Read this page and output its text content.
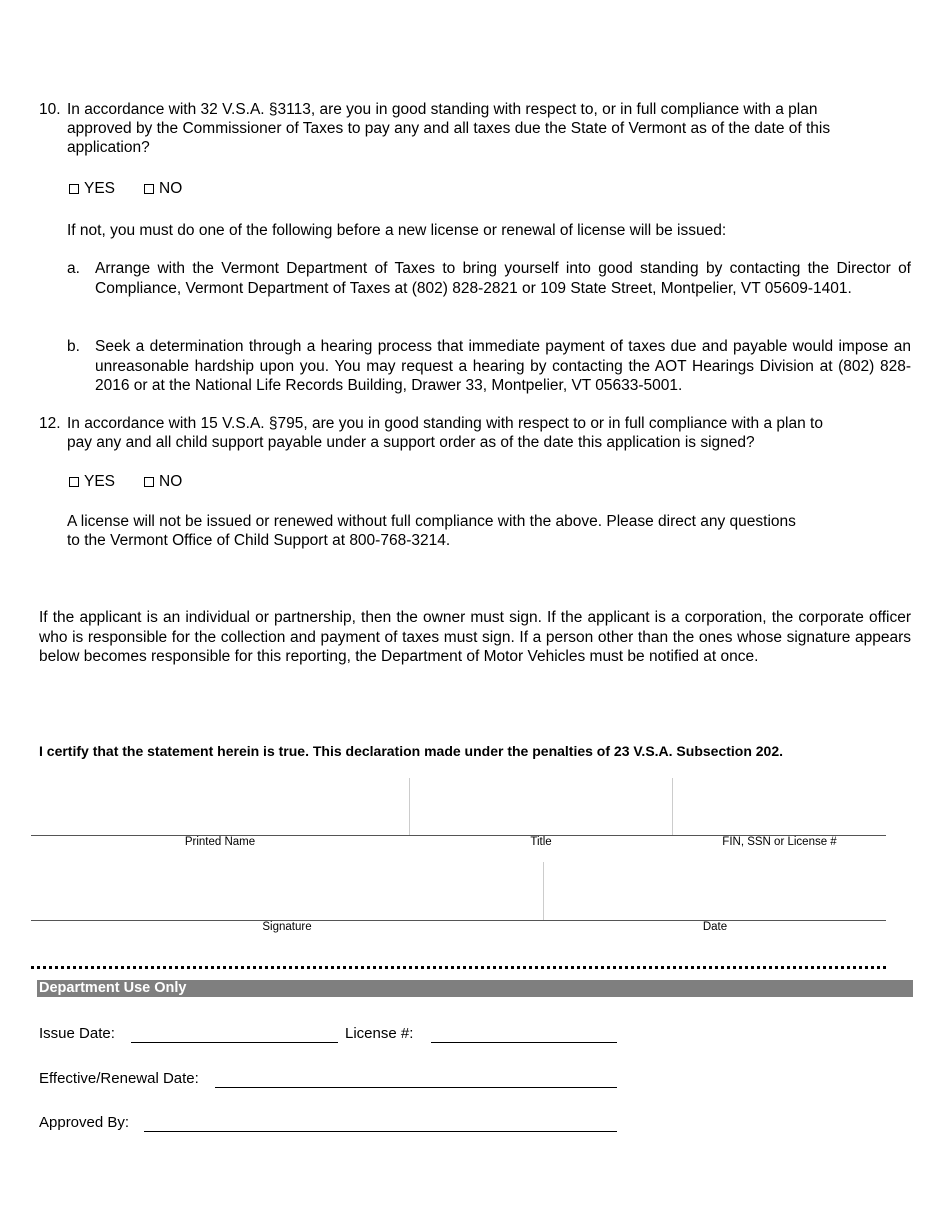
10. In accordance with 32 V.S.A. §3113, are you in good standing with respect to, or in full compliance with a plan
approved by the Commissioner of Taxes to pay any and all taxes due the State of Vermont as of the date of this
application?
YES	NO
If not, you must do one of the following before a new license or renewal of license will be issued:
a. Arrange with the Vermont Department of Taxes to bring yourself into good standing by contacting the Director of Compliance, Vermont Department of Taxes at (802) 828-2821 or 109 State Street, Montpelier, VT 05609-1401.
b. Seek a determination through a hearing process that immediate payment of taxes due and payable would impose an unreasonable hardship upon you. You may request a hearing by contacting the AOT Hearings Division at (802) 828-2016 or at the National Life Records Building, Drawer 33, Montpelier, VT 05633-5001.
12. In accordance with 15 V.S.A. §795, are you in good standing with respect to or in full compliance with a plan to
pay any and all child support payable under a support order as of the date this application is signed?
YES	NO
A license will not be issued or renewed without full compliance with the above. Please direct any questions
to the Vermont Office of Child Support at 800-768-3214.
If the applicant is an individual or partnership, then the owner must sign. If the applicant is a corporation, the corporate officer who is responsible for the collection and payment of taxes must sign. If a person other than the ones whose signature appears below becomes responsible for this reporting, the Department of Motor Vehicles must be notified at once.
I certify that the statement herein is true. This declaration made under the penalties of 23 V.S.A. Subsection 202.
Printed Name	Title	FIN, SSN or License #
Signature	Date
Department Use Only
Issue Date:	License #:
Effective/Renewal Date:
Approved By:
